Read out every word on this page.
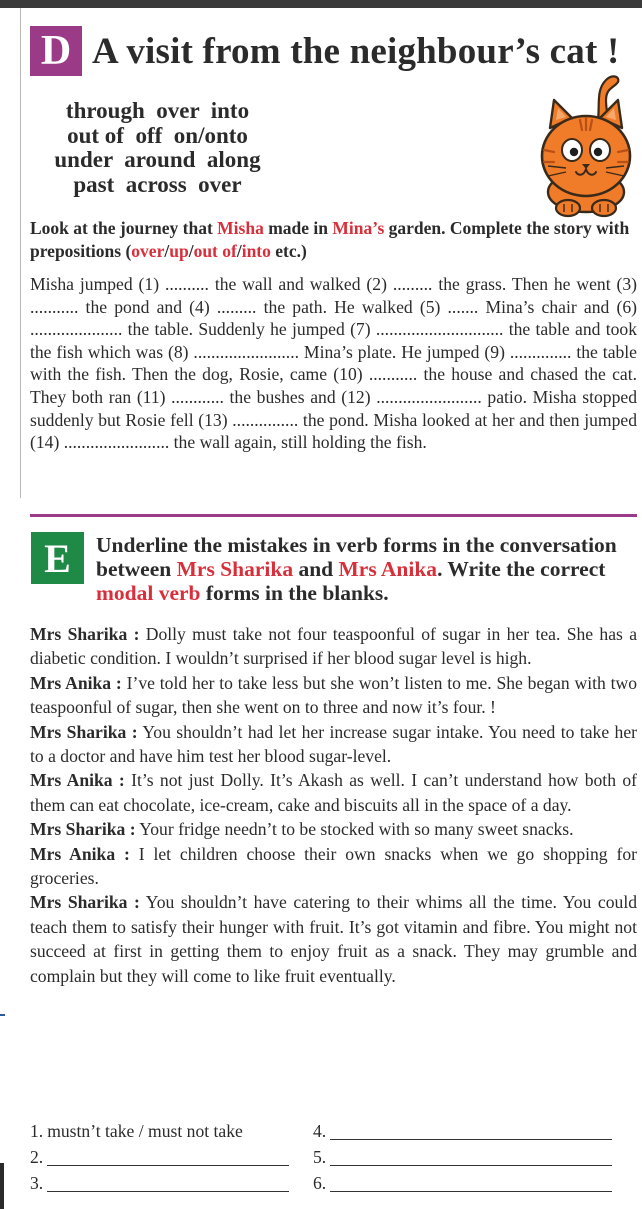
D A visit from the neighbour’s cat !
through  over  into
out of  off  on/onto
under  around  along
past  across  over
Look at the journey that Misha made in Mina’s garden. Complete the story with prepositions (over/up/out of/into etc.)
Misha jumped (1) .......... the wall and walked (2) ......... the grass. Then he went (3) ........... the pond and (4) ......... the path. He walked (5) ....... Mina’s chair and (6) ..................... the table. Suddenly he jumped (7) ............................. the table and took the fish which was (8) ........................ Mina’s plate. He jumped (9) .............. the table with the fish. Then the dog, Rosie, came (10) ........... the house and chased the cat. They both ran (11) ............ the bushes and (12) ........................ patio. Misha stopped suddenly but Rosie fell (13) ............... the pond. Misha looked at her and then jumped (14) ........................ the wall again, still holding the fish.
E	Underline the mistakes in verb forms in the conversation between Mrs Sharika and Mrs Anika. Write the correct modal verb forms in the blanks.

Mrs Sharika : Dolly must take not four teaspoonful of sugar in her tea. She has a diabetic condition. I wouldn’t surprised if her blood sugar level is high.

Mrs Anika : I’ve told her to take less but she won’t listen to me. She began with two teaspoonful of sugar, then she went on to three and now it’s four. !

Mrs Sharika : You shouldn’t had let her increase sugar intake. You need to take her to a doctor and have him test her blood sugar-level.

Mrs Anika : It’s not just Dolly. It’s Akash as well. I can’t understand how both of them can eat chocolate, ice-cream, cake and biscuits all in the space of a day.

Mrs Sharika : Your fridge needn’t to be stocked with so many sweet snacks.

Mrs Anika : I let children choose their own snacks when we go shopping for groceries.

Mrs Sharika : You shouldn’t have catering to their whims all the time. You could teach them to satisfy their hunger with fruit. It’s got vitamin and fibre. You might not succeed at first in getting them to enjoy fruit as a snack. They may grumble and complain but they will come to like fruit eventually.

1. mustn’t take / must not take	4.
2.	5.
3.	6.
